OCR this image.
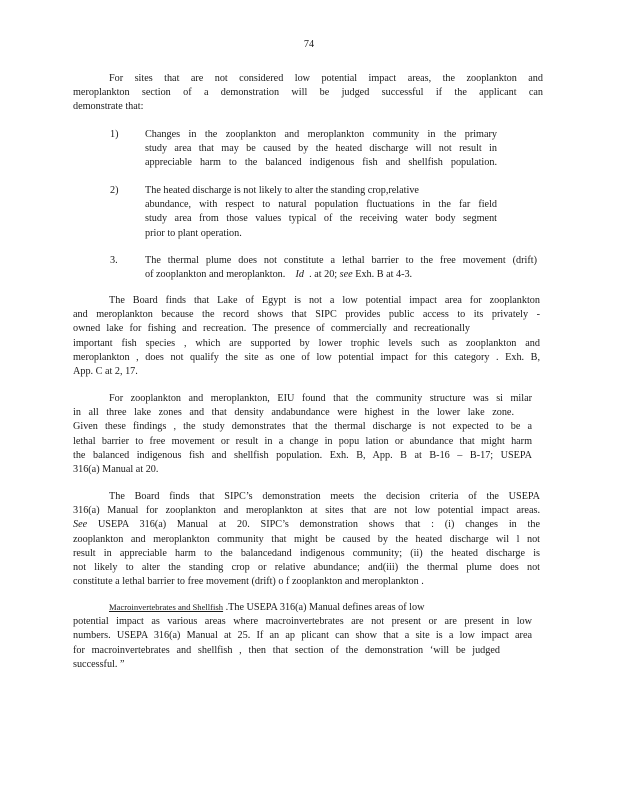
74
For sites that are not considered low potential impact areas, the zooplankton and
meroplankton section of a demonstration will be judged successful if the applicant can
demonstrate that:
1)	Changes in the zooplankton and meroplankton community in the primary
study area that may be caused by the heated discharge will not result in
appreciable harm to the balanced indigenous fish and shellfish population.
2)	The heated discharge is not likely to alter the standing crop,relative
abundance, with respect to natural population fluctuations in the far field
study area from those values typical of the receiving water body segment
prior to plant operation.
3.	The thermal plume does not constitute a lethal barrier to the free movement (drift)
of zooplankton and meroplankton. Id . at 20; see Exh. B at 4-3.
The Board finds that Lake of Egypt is not a low potential impact area for zooplankton
and meroplankton because the record shows that SIPC provides public access to its privately -
owned lake for fishing and recreation. The presence of commercially and recreationally
important fish species , which are supported by lower trophic levels such as zooplankton and
meroplankton , does not qualify the site as one of low potential impact for this category . Exh. B,
App. C at 2, 17.
For zooplankton and meroplankton, EIU found that the community structure was si milar
in all three lake zones and that density andabundance were highest in the lower lake zone.
Given these findings , the study demonstrates that the thermal discharge is not expected to be a
lethal barrier to free movement or result in a change in popu lation or abundance that might harm
the balanced indigenous fish and shellfish population. Exh. B, App. B at B-16 – B-17; USEPA
316(a) Manual at 20.
The Board finds that SIPC’s demonstration meets the decision criteria of the USEPA
316(a) Manual for zooplankton and meroplankton at sites that are not low potential impact areas.
See USEPA 316(a) Manual at 20. SIPC’s demonstration shows that : (i) changes in the
zooplankton and meroplankton community that might be caused by the heated discharge wil l not
result in appreciable harm to the balancedand indigenous community; (ii) the heated discharge is
not likely to alter the standing crop or relative abundance; and(iii) the thermal plume does not
constitute a lethal barrier to free movement (drift) o f zooplankton and meroplankton .
Macroinvertebrates and Shellfish .The USEPA 316(a) Manual defines areas of low
potential impact as various areas where macroinvertebrates are not present or are present in low
numbers. USEPA 316(a) Manual at 25. If an ap plicant can show that a site is a low impact area
for macroinvertebrates and shellfish , then that section of the demonstration ‘will be judged
successful. ”
